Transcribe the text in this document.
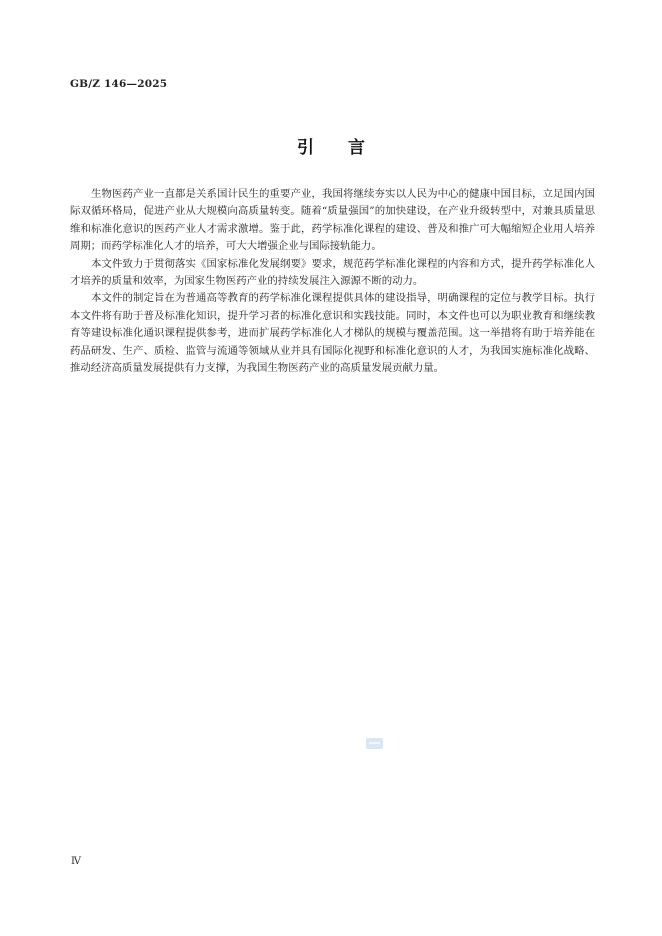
GB/Z 146—2025
引言

生物医药产业一直都是关系国计民生的重要产业，我国将继续夯实以人民为中心的健康中国目标，立足国内国际双循环格局，促进产业从大规模向高质量转变。随着“质量强国”的加快建设，在产业升级转型中，对兼具质量思维和标准化意识的医药产业人才需求激增。鉴于此，药学标准化课程的建设、普及和推广可大幅缩短企业用人培养周期；而药学标准化人才的培养，可大大增强企业与国际接轨能力。

本文件致力于贯彻落实《国家标准化发展纲要》要求，规范药学标准化课程的内容和方式，提升药学标准化人才培养的质量和效率，为国家生物医药产业的持续发展注入源源不断的动力。

本文件的制定旨在为普通高等教育的药学标准化课程提供具体的建设指导，明确课程的定位与教学目标。执行本文件将有助于普及标准化知识，提升学习者的标准化意识和实践技能。同时，本文件也可以为职业教育和继续教育等建设标准化通识课程提供参考，进而扩展药学标准化人才梯队的规模与覆盖范围。这一举措将有助于培养能在药品研发、生产、质检、监管与流通等领域从业并具有国际化视野和标准化意识的人才，为我国实施标准化战略、推动经济高质量发展提供有力支撑，为我国生物医药产业的高质量发展贡献力量。

Ⅳ
